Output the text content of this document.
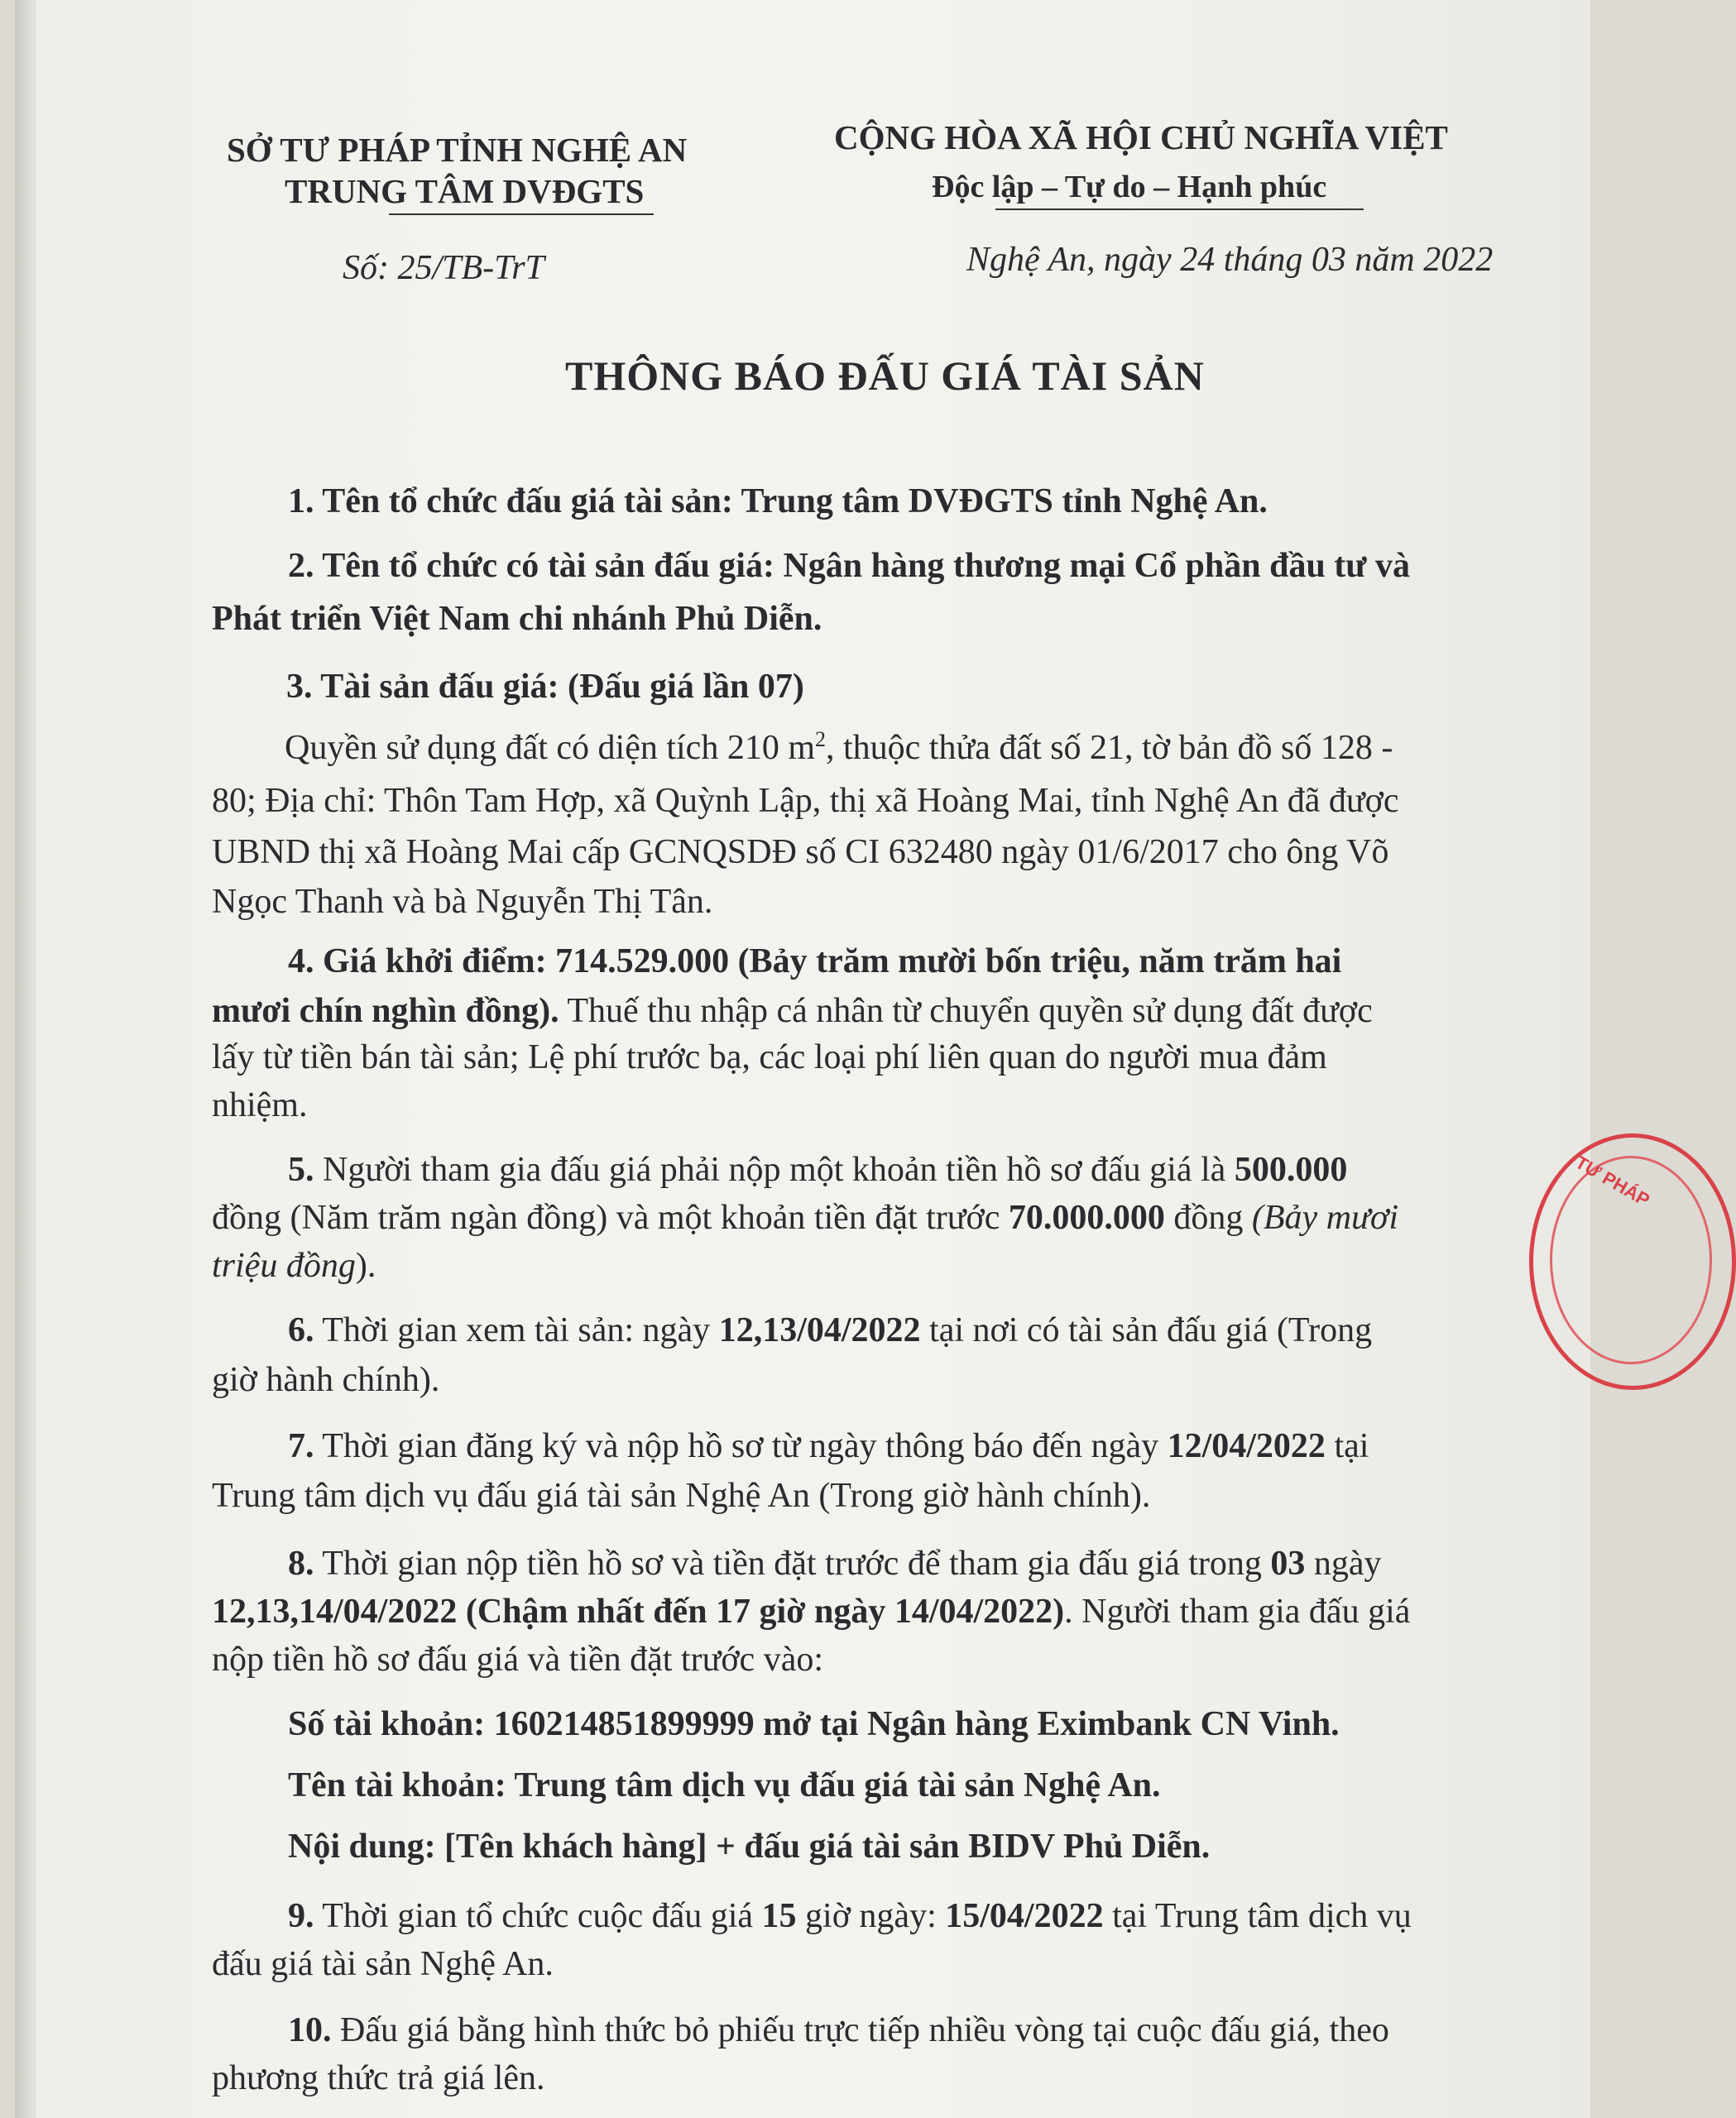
SỞ TƯ PHÁP TỈNH NGHỆ AN
TRUNG TÂM DVĐGTS
CỘNG HÒA XÃ HỘI CHỦ NGHĨA VIỆT
Độc lập – Tự do – Hạnh phúc
Số: 25/TB-TrT	Nghệ An, ngày 24 tháng 03 năm 2022
THÔNG BÁO ĐẤU GIÁ TÀI SẢN
1. Tên tổ chức đấu giá tài sản: Trung tâm DVĐGTS tỉnh Nghệ An.
2. Tên tổ chức có tài sản đấu giá: Ngân hàng thương mại Cổ phần đầu tư và
Phát triển Việt Nam chi nhánh Phủ Diễn.
3. Tài sản đấu giá: (Đấu giá lần 07)
Quyền sử dụng đất có diện tích 210 $m^2$, thuộc thửa đất số 21, tờ bản đồ số 128 -
80; Địa chỉ: Thôn Tam Hợp, xã Quỳnh Lập, thị xã Hoàng Mai, tỉnh Nghệ An đã được
UBND thị xã Hoàng Mai cấp GCNQSDĐ số CI 632480 ngày 01/6/2017 cho ông Võ
Ngọc Thanh và bà Nguyễn Thị Tân.
4. Giá khởi điểm: 714.529.000 (Bảy trăm mười bốn triệu, năm trăm hai
mươi chín nghìn đồng). Thuế thu nhập cá nhân từ chuyển quyền sử dụng đất được
lấy từ tiền bán tài sản; Lệ phí trước bạ, các loại phí liên quan do người mua đảm
nhiệm.
5. Người tham gia đấu giá phải nộp một khoản tiền hồ sơ đấu giá là 500.000
đồng (Năm trăm ngàn đồng) và một khoản tiền đặt trước 70.000.000 đồng (Bảy mươi
triệu đồng).
6. Thời gian xem tài sản: ngày 12,13/04/2022 tại nơi có tài sản đấu giá (Trong
giờ hành chính).
7. Thời gian đăng ký và nộp hồ sơ từ ngày thông báo đến ngày 12/04/2022 tại
Trung tâm dịch vụ đấu giá tài sản Nghệ An (Trong giờ hành chính).
8. Thời gian nộp tiền hồ sơ và tiền đặt trước để tham gia đấu giá trong 03 ngày
12,13,14/04/2022 (Chậm nhất đến 17 giờ ngày 14/04/2022). Người tham gia đấu giá
nộp tiền hồ sơ đấu giá và tiền đặt trước vào:
Số tài khoản: 160214851899999 mở tại Ngân hàng Eximbank CN Vinh.
Tên tài khoản: Trung tâm dịch vụ đấu giá tài sản Nghệ An.
Nội dung: [Tên khách hàng] + đấu giá tài sản BIDV Phủ Diễn.
9. Thời gian tổ chức cuộc đấu giá 15 giờ ngày: 15/04/2022 tại Trung tâm dịch vụ
đấu giá tài sản Nghệ An.
10. Đấu giá bằng hình thức bỏ phiếu trực tiếp nhiều vòng tại cuộc đấu giá, theo
phương thức trả giá lên.
TƯ PHÁP
